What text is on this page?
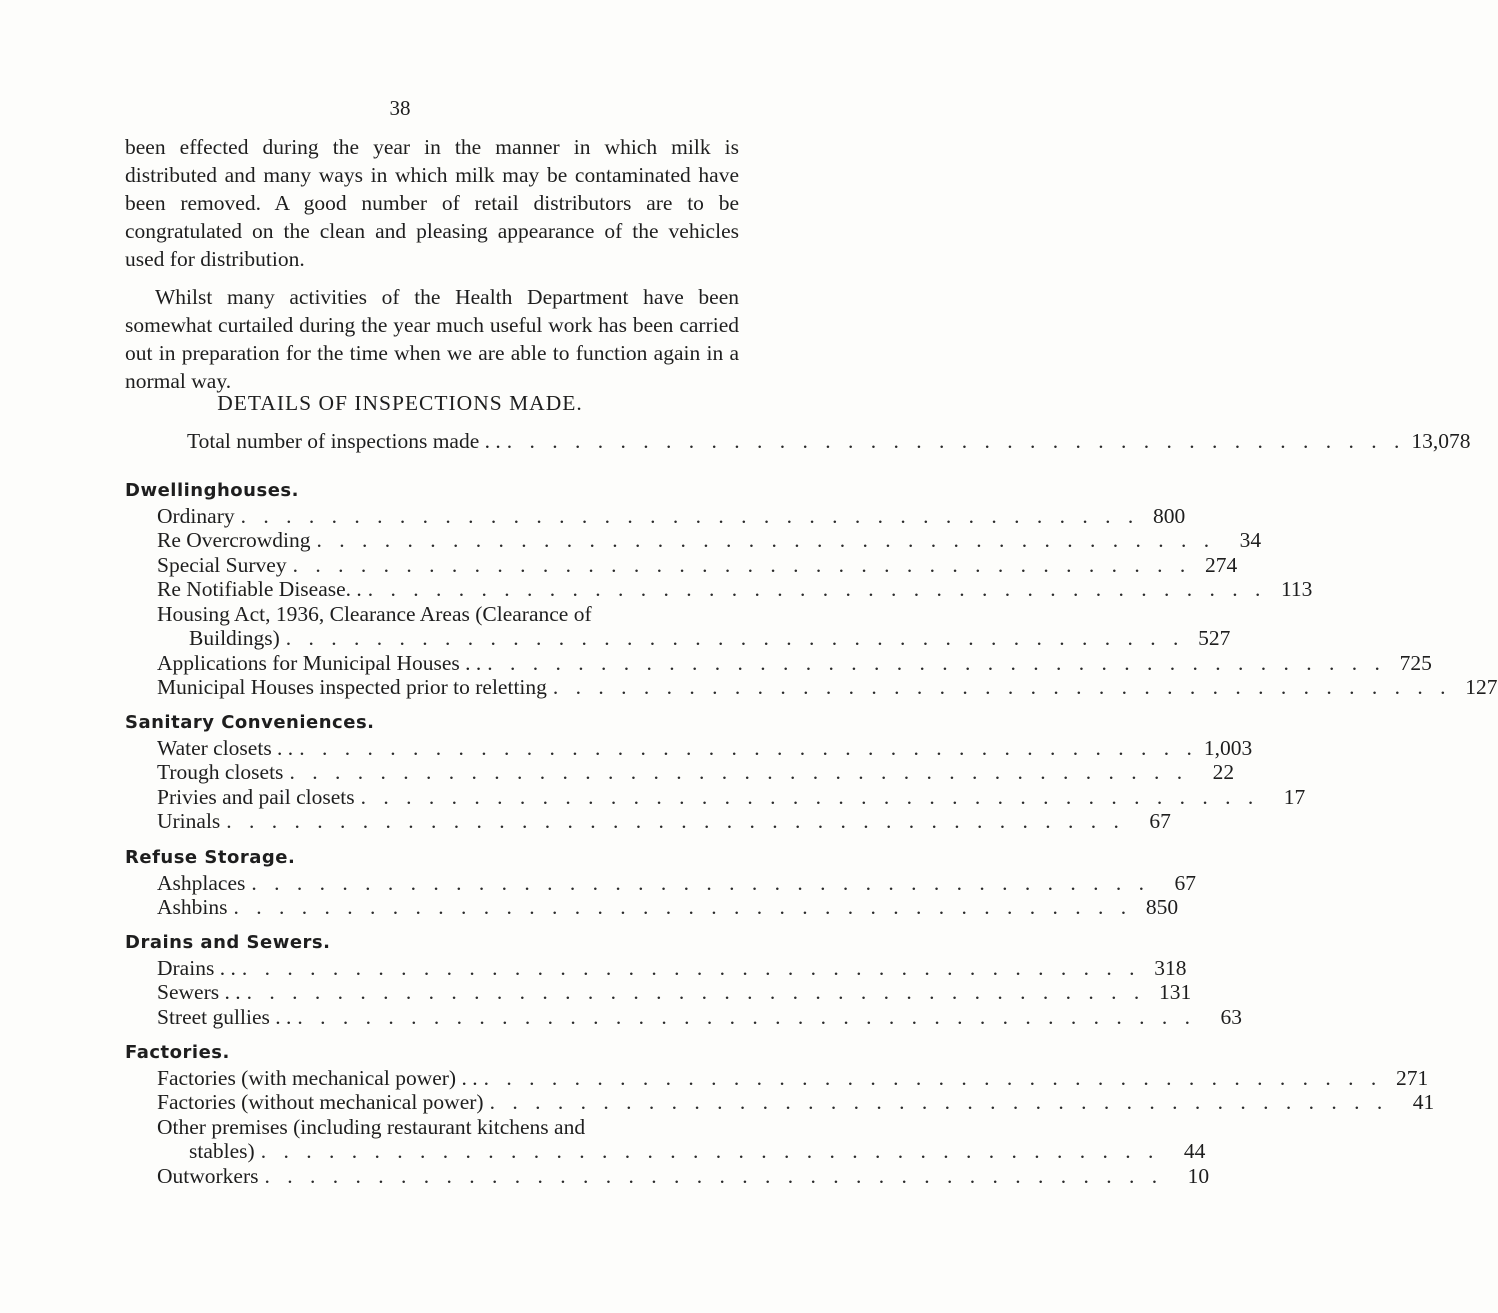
38

been effected during the year in the manner in which milk is distributed and many ways in which milk may be contaminated have been removed. A good number of retail distributors are to be congratulated on the clean and pleasing appearance of the vehicles used for distribution.

Whilst many activities of the Health Department have been somewhat curtailed during the year much useful work has been carried out in preparation for the time when we are able to function again in a normal way.

DETAILS OF INSPECTIONS MADE.
Total number of inspections made . . . . . . . . . . . . . . . . . . . . . . . . . . . . . . . . . . . . . . . . . . 13,078
Dwellinghouses.
Ordinary . . . . . . . . . . . . . . . . . . . . . . . . . . . . . . . . . . . . . . . . 800
Re Overcrowding . . . . . . . . . . . . . . . . . . . . . . . . . . . . . . . . . . . . . . . .	34
Special Survey . . . . . . . . . . . . . . . . . . . . . . . . . . . . . . . . . . . . . . . . 274
Re Notifiable Disease. . . . . . . . . . . . . . . . . . . . . . . . . . . . . . . . . . . . . . . . . . 113
Housing Act, 1936, Clearance Areas (Clearance of
Buildings) . . . . . . . . . . . . . . . . . . . . . . . . . . . . . . . . . . . . . . . . 527
Applications for Municipal Houses . . . . . . . . . . . . . . . . . . . . . . . . . . . . . . . . . . . . . . . . . . 725
Municipal Houses inspected prior to reletting . . . . . . . . . . . . . . . . . . . . . . . . . . . . . . . . . . . . . . . . 127
Sanitary Conveniences.
Water closets . . . . . . . . . . . . . . . . . . . . . . . . . . . . . . . . . . . . . . . . . . 1,003
Trough closets . . . . . . . . . . . . . . . . . . . . . . . . . . . . . . . . . . . . . . . .	22
Privies and pail closets . . . . . . . . . . . . . . . . . . . . . . . . . . . . . . . . . . . . . . . .	17
Urinals . . . . . . . . . . . . . . . . . . . . . . . . . . . . . . . . . . . . . . . .	67
Refuse Storage.
Ashplaces . . . . . . . . . . . . . . . . . . . . . . . . . . . . . . . . . . . . . . . .	67
Ashbins . . . . . . . . . . . . . . . . . . . . . . . . . . . . . . . . . . . . . . . . 850
Drains and Sewers.
Drains . . . . . . . . . . . . . . . . . . . . . . . . . . . . . . . . . . . . . . . . . . 318
Sewers . . . . . . . . . . . . . . . . . . . . . . . . . . . . . . . . . . . . . . . . . . 131
Street gullies . . . . . . . . . . . . . . . . . . . . . . . . . . . . . . . . . . . . . . . . . .	63
Factories.
Factories (with mechanical power) . . . . . . . . . . . . . . . . . . . . . . . . . . . . . . . . . . . . . . . . . . 271
Factories (without mechanical power) . . . . . . . . . . . . . . . . . . . . . . . . . . . . . . . . . . . . . . . .	41
Other premises (including restaurant kitchens and
stables) . . . . . . . . . . . . . . . . . . . . . . . . . . . . . . . . . . . . . . . .	44
Outworkers . . . . . . . . . . . . . . . . . . . . . . . . . . . . . . . . . . . . . . . .	10
